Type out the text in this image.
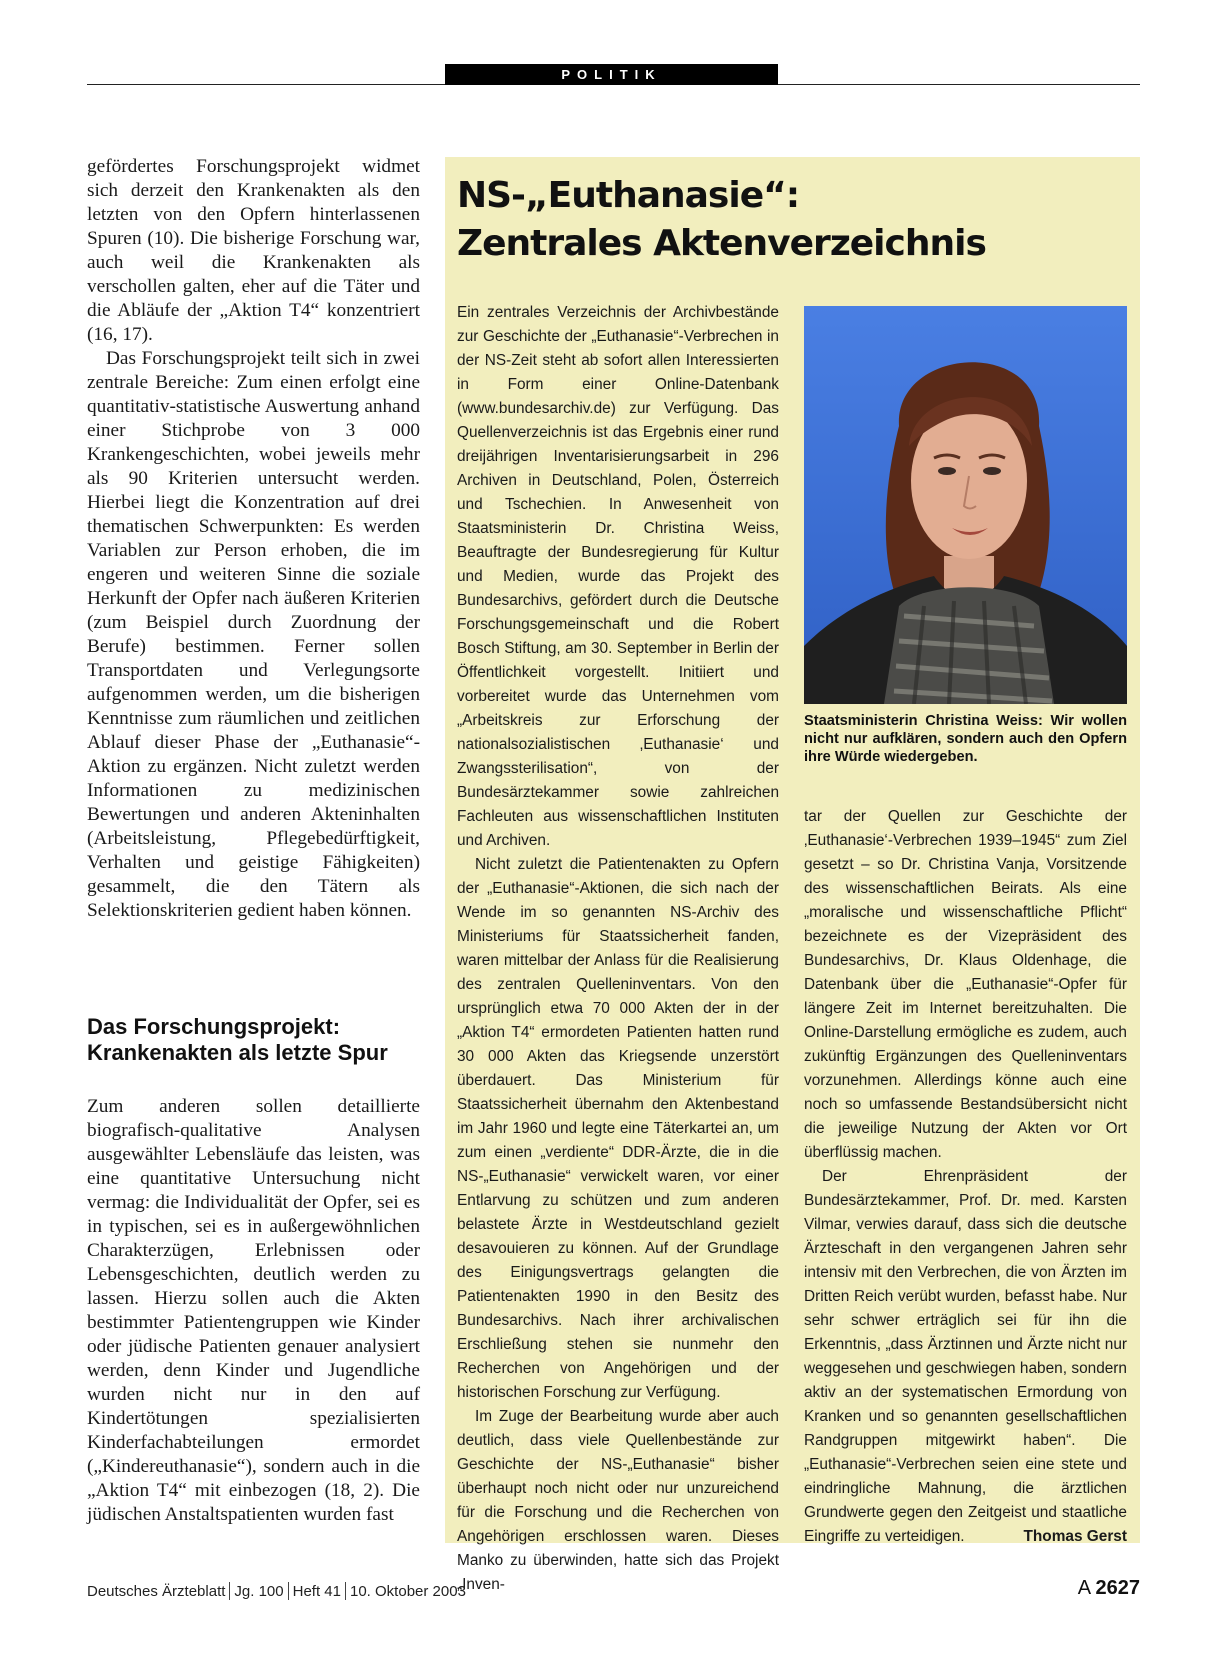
POLITIK

gefördertes Forschungsprojekt widmet sich derzeit den Krankenakten als den letzten von den Opfern hinterlassenen Spuren (10). Die bisherige Forschung war, auch weil die Krankenakten als verschollen galten, eher auf die Täter und die Abläufe der „Aktion T4“ konzentriert (16, 17).

Das Forschungsprojekt teilt sich in zwei zentrale Bereiche: Zum einen erfolgt eine quantitativ-statistische Auswertung anhand einer Stichprobe von 3 000 Krankengeschichten, wobei jeweils mehr als 90 Kriterien untersucht werden. Hierbei liegt die Konzentration auf drei thematischen Schwerpunkten: Es werden Variablen zur Person erhoben, die im engeren und weiteren Sinne die soziale Herkunft der Opfer nach äußeren Kriterien (zum Beispiel durch Zuordnung der Berufe) bestimmen. Ferner sollen Transportdaten und Verlegungsorte aufgenommen werden, um die bisherigen Kenntnisse zum räumlichen und zeitlichen Ablauf dieser Phase der „Euthanasie“-Aktion zu ergänzen. Nicht zuletzt werden Informationen zu medizinischen Bewertungen und anderen Akteninhalten (Arbeitsleistung, Pflegebedürftigkeit, Verhalten und geistige Fähigkeiten) gesammelt, die den Tätern als Selektionskriterien gedient haben können.

Das Forschungsprojekt: Krankenakten als letzte Spur

Zum anderen sollen detaillierte biografisch-qualitative Analysen ausgewählter Lebensläufe das leisten, was eine quantitative Untersuchung nicht vermag: die Individualität der Opfer, sei es in typischen, sei es in außergewöhnlichen Charakterzügen, Erlebnissen oder Lebensgeschichten, deutlich werden zu lassen. Hierzu sollen auch die Akten bestimmter Patientengruppen wie Kinder oder jüdische Patienten genauer analysiert werden, denn Kinder und Jugendliche wurden nicht nur in den auf Kindertötungen spezialisierten Kinderfachabteilungen ermordet („Kindereuthanasie“), sondern auch in die „Aktion T4“ mit einbezogen (18, 2). Die jüdischen Anstaltspatienten wurden fast

NS-„Euthanasie“:
Zentrales Aktenverzeichnis

Ein zentrales Verzeichnis der Archivbestände zur Geschichte der „Euthanasie“-Verbrechen in der NS-Zeit steht ab sofort allen Interessierten in Form einer Online-Datenbank (www.bundesarchiv.de) zur Verfügung. Das Quellenverzeichnis ist das Ergebnis einer rund dreijährigen Inventarisierungsarbeit in 296 Archiven in Deutschland, Polen, Österreich und Tschechien. In Anwesenheit von Staatsministerin Dr. Christina Weiss, Beauftragte der Bundesregierung für Kultur und Medien, wurde das Projekt des Bundesarchivs, gefördert durch die Deutsche Forschungsgemeinschaft und die Robert Bosch Stiftung, am 30. September in Berlin der Öffentlichkeit vorgestellt. Initiiert und vorbereitet wurde das Unternehmen vom „Arbeitskreis zur Erforschung der nationalsozialistischen ‚Euthanasie‘ und Zwangssterilisation“, von der Bundesärztekammer sowie zahlreichen Fachleuten aus wissenschaftlichen Instituten und Archiven.

Nicht zuletzt die Patientenakten zu Opfern der „Euthanasie“-Aktionen, die sich nach der Wende im so genannten NS-Archiv des Ministeriums für Staatssicherheit fanden, waren mittelbar der Anlass für die Realisierung des zentralen Quelleninventars. Von den ursprünglich etwa 70 000 Akten der in der „Aktion T4“ ermordeten Patienten hatten rund 30 000 Akten das Kriegsende unzerstört überdauert. Das Ministerium für Staatssicherheit übernahm den Aktenbestand im Jahr 1960 und legte eine Täterkartei an, um zum einen „verdiente“ DDR-Ärzte, die in die NS-„Euthanasie“ verwickelt waren, vor einer Entlarvung zu schützen und zum anderen belastete Ärzte in Westdeutschland gezielt desavouieren zu können. Auf der Grundlage des Einigungsvertrags gelangten die Patientenakten 1990 in den Besitz des Bundesarchivs. Nach ihrer archivalischen Erschließung stehen sie nunmehr den Recherchen von Angehörigen und der historischen Forschung zur Verfügung.

Im Zuge der Bearbeitung wurde aber auch deutlich, dass viele Quellenbestände zur Geschichte der NS-„Euthanasie“ bisher überhaupt noch nicht oder nur unzureichend für die Forschung und die Recherchen von Angehörigen erschlossen waren. Dieses Manko zu überwinden, hatte sich das Projekt „Inven-

Staatsministerin Christina Weiss: Wir wollen nicht nur aufklären, sondern auch den Opfern ihre Würde wiedergeben.

tar der Quellen zur Geschichte der ‚Euthanasie‘-Verbrechen 1939–1945“ zum Ziel gesetzt – so Dr. Christina Vanja, Vorsitzende des wissenschaftlichen Beirats. Als eine „moralische und wissenschaftliche Pflicht“ bezeichnete es der Vizepräsident des Bundesarchivs, Dr. Klaus Oldenhage, die Datenbank über die „Euthanasie“-Opfer für längere Zeit im Internet bereitzuhalten. Die Online-Darstellung ermögliche es zudem, auch zukünftig Ergänzungen des Quelleninventars vorzunehmen. Allerdings könne auch eine noch so umfassende Bestandsübersicht nicht die jeweilige Nutzung der Akten vor Ort überflüssig machen.

Der Ehrenpräsident der Bundesärztekammer, Prof. Dr. med. Karsten Vilmar, verwies darauf, dass sich die deutsche Ärzteschaft in den vergangenen Jahren sehr intensiv mit den Verbrechen, die von Ärzten im Dritten Reich verübt wurden, befasst habe. Nur sehr schwer erträglich sei für ihn die Erkenntnis, „dass Ärztinnen und Ärzte nicht nur weggesehen und geschwiegen haben, sondern aktiv an der systematischen Ermordung von Kranken und so genannten gesellschaftlichen Randgruppen mitgewirkt haben“. Die „Euthanasie“-Verbrechen seien eine stete und eindringliche Mahnung, die ärztlichen Grundwerte gegen den Zeitgeist und staatliche Eingriffe zu verteidigen.	Thomas Gerst

Deutsches Ärzteblatt Jg. 100 Heft 41 10. Oktober 2003	A 2627
